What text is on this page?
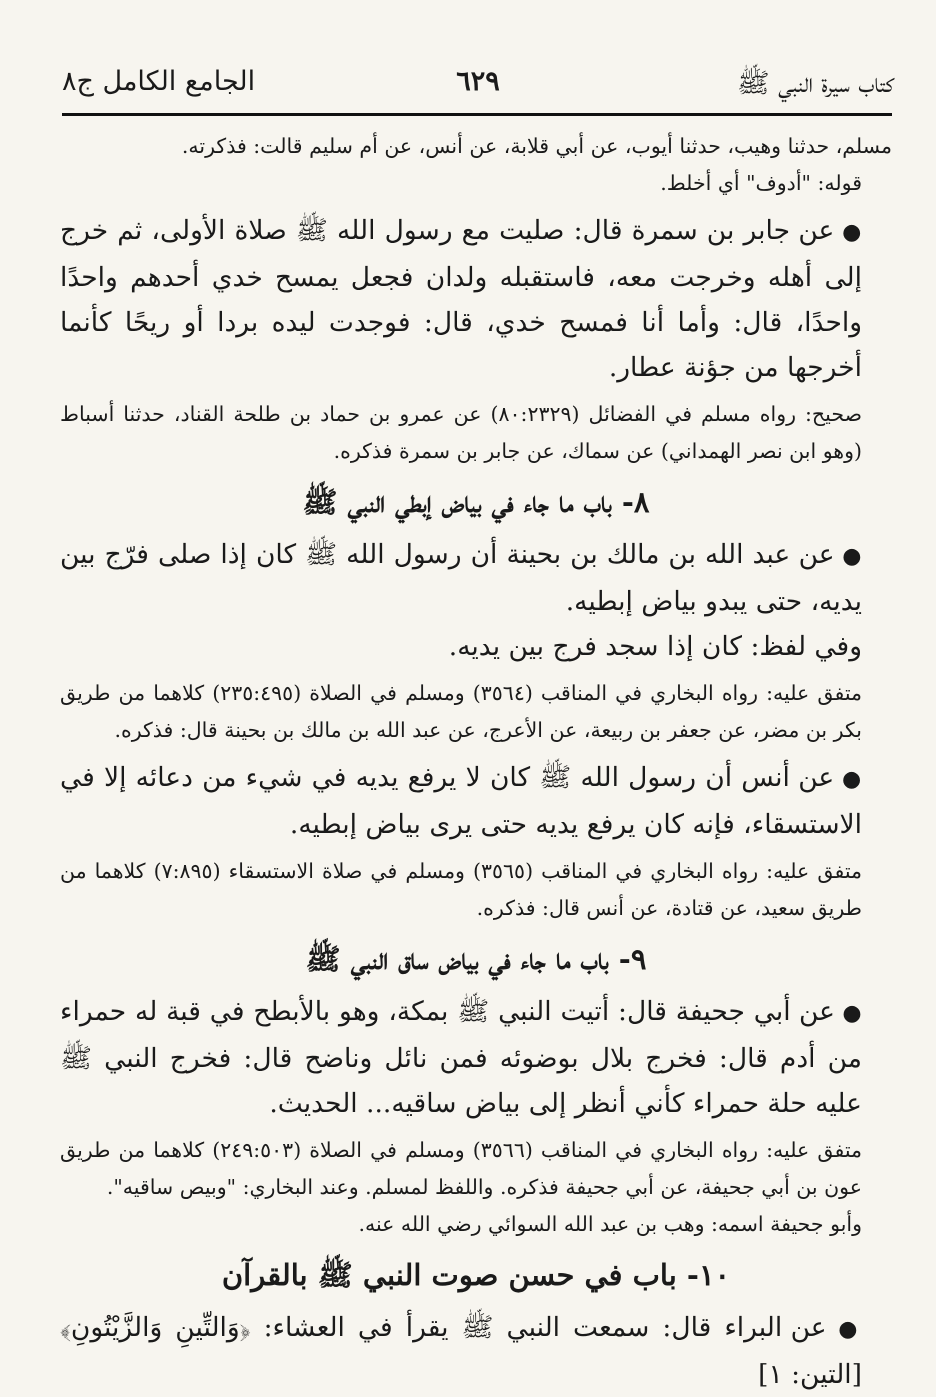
كتاب سيرة النبي ﷺ
٦٢٩
الجامع الكامل ج٨

مسلم، حدثنا وهيب، حدثنا أيوب، عن أبي قلابة، عن أنس، عن أم سليم قالت: فذكرته.

قوله: "أدوف" أي أخلط.

● عن جابر بن سمرة قال: صليت مع رسول الله ﷺ صلاة الأولى، ثم خرج إلى أهله وخرجت معه، فاستقبله ولدان فجعل يمسح خدي أحدهم واحدًا واحدًا، قال: وأما أنا فمسح خدي، قال: فوجدت ليده بردا أو ريحًا كأنما أخرجها من جؤنة عطار.

صحيح: رواه مسلم في الفضائل (٨٠:٢٣٢٩) عن عمرو بن حماد بن طلحة القناد، حدثنا أسباط (وهو ابن نصر الهمداني) عن سماك، عن جابر بن سمرة فذكره.

٨- باب ما جاء في بياض إبطي النبي ﷺ

● عن عبد الله بن مالك بن بحينة أن رسول الله ﷺ كان إذا صلى فرّج بين يديه، حتى يبدو بياض إبطيه.

وفي لفظ: كان إذا سجد فرج بين يديه.

متفق عليه: رواه البخاري في المناقب (٣٥٦٤) ومسلم في الصلاة (٢٣٥:٤٩٥) كلاهما من طريق بكر بن مضر، عن جعفر بن ربيعة، عن الأعرج، عن عبد الله بن مالك بن بحينة قال: فذكره.

● عن أنس أن رسول الله ﷺ كان لا يرفع يديه في شيء من دعائه إلا في الاستسقاء، فإنه كان يرفع يديه حتى يرى بياض إبطيه.

متفق عليه: رواه البخاري في المناقب (٣٥٦٥) ومسلم في صلاة الاستسقاء (٧:٨٩٥) كلاهما من طريق سعيد، عن قتادة، عن أنس قال: فذكره.

٩- باب ما جاء في بياض ساق النبي ﷺ

● عن أبي جحيفة قال: أتيت النبي ﷺ بمكة، وهو بالأبطح في قبة له حمراء من أدم قال: فخرج بلال بوضوئه فمن نائل وناضح قال: فخرج النبي ﷺ عليه حلة حمراء كأني أنظر إلى بياض ساقيه... الحديث.

متفق عليه: رواه البخاري في المناقب (٣٥٦٦) ومسلم في الصلاة (٢٤٩:٥٠٣) كلاهما من طريق عون بن أبي جحيفة، عن أبي جحيفة فذكره. واللفظ لمسلم. وعند البخاري: "وبيص ساقيه".

وأبو جحيفة اسمه: وهب بن عبد الله السوائي رضي الله عنه.

١٠- باب في حسن صوت النبي ﷺ بالقرآن

● عن البراء قال: سمعت النبي ﷺ يقرأ في العشاء: ﴿وَالتِّينِ وَالزَّيْتُونِ﴾ [التين: ١]
